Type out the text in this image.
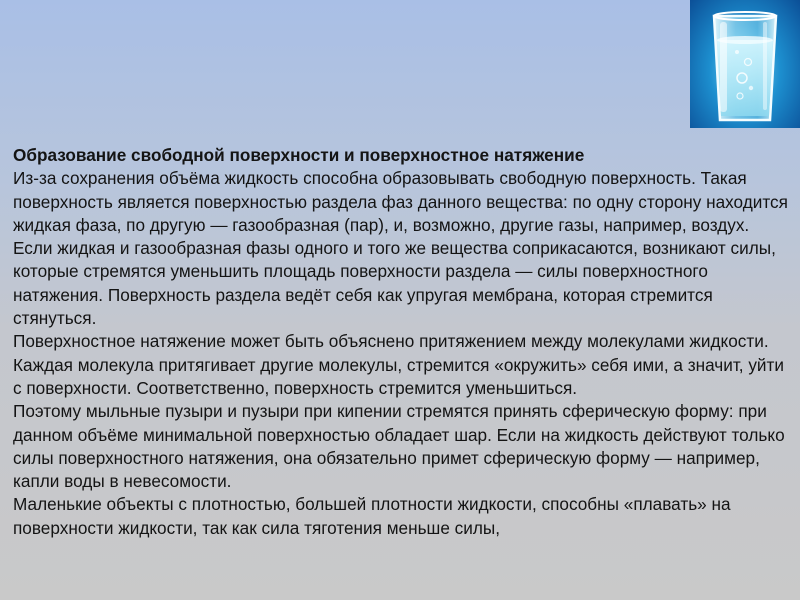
Образование свободной поверхности и поверхностное натяжение

Из-за сохранения объёма жидкость способна образовывать свободную поверхность. Такая поверхность является поверхностью раздела фаз данного вещества: по одну сторону находится жидкая фаза, по другую — газообразная (пар), и, возможно, другие газы, например, воздух.

Если жидкая и газообразная фазы одного и того же вещества соприкасаются, возникают силы, которые стремятся уменьшить площадь поверхности раздела — силы поверхностного натяжения. Поверхность раздела ведёт себя как упругая мембрана, которая стремится стянуться.

Поверхностное натяжение может быть объяснено притяжением между молекулами жидкости. Каждая молекула притягивает другие молекулы, стремится «окружить» себя ими, а значит, уйти с поверхности. Соответственно, поверхность стремится уменьшиться.

Поэтому мыльные пузыри и пузыри при кипении стремятся принять сферическую форму: при данном объёме минимальной поверхностью обладает шар. Если на жидкость действуют только силы поверхностного натяжения, она обязательно примет сферическую форму — например, капли воды в невесомости.

Маленькие объекты с плотностью, большей плотности жидкости, способны «плавать» на поверхности жидкости, так как сила тяготения меньше силы,
